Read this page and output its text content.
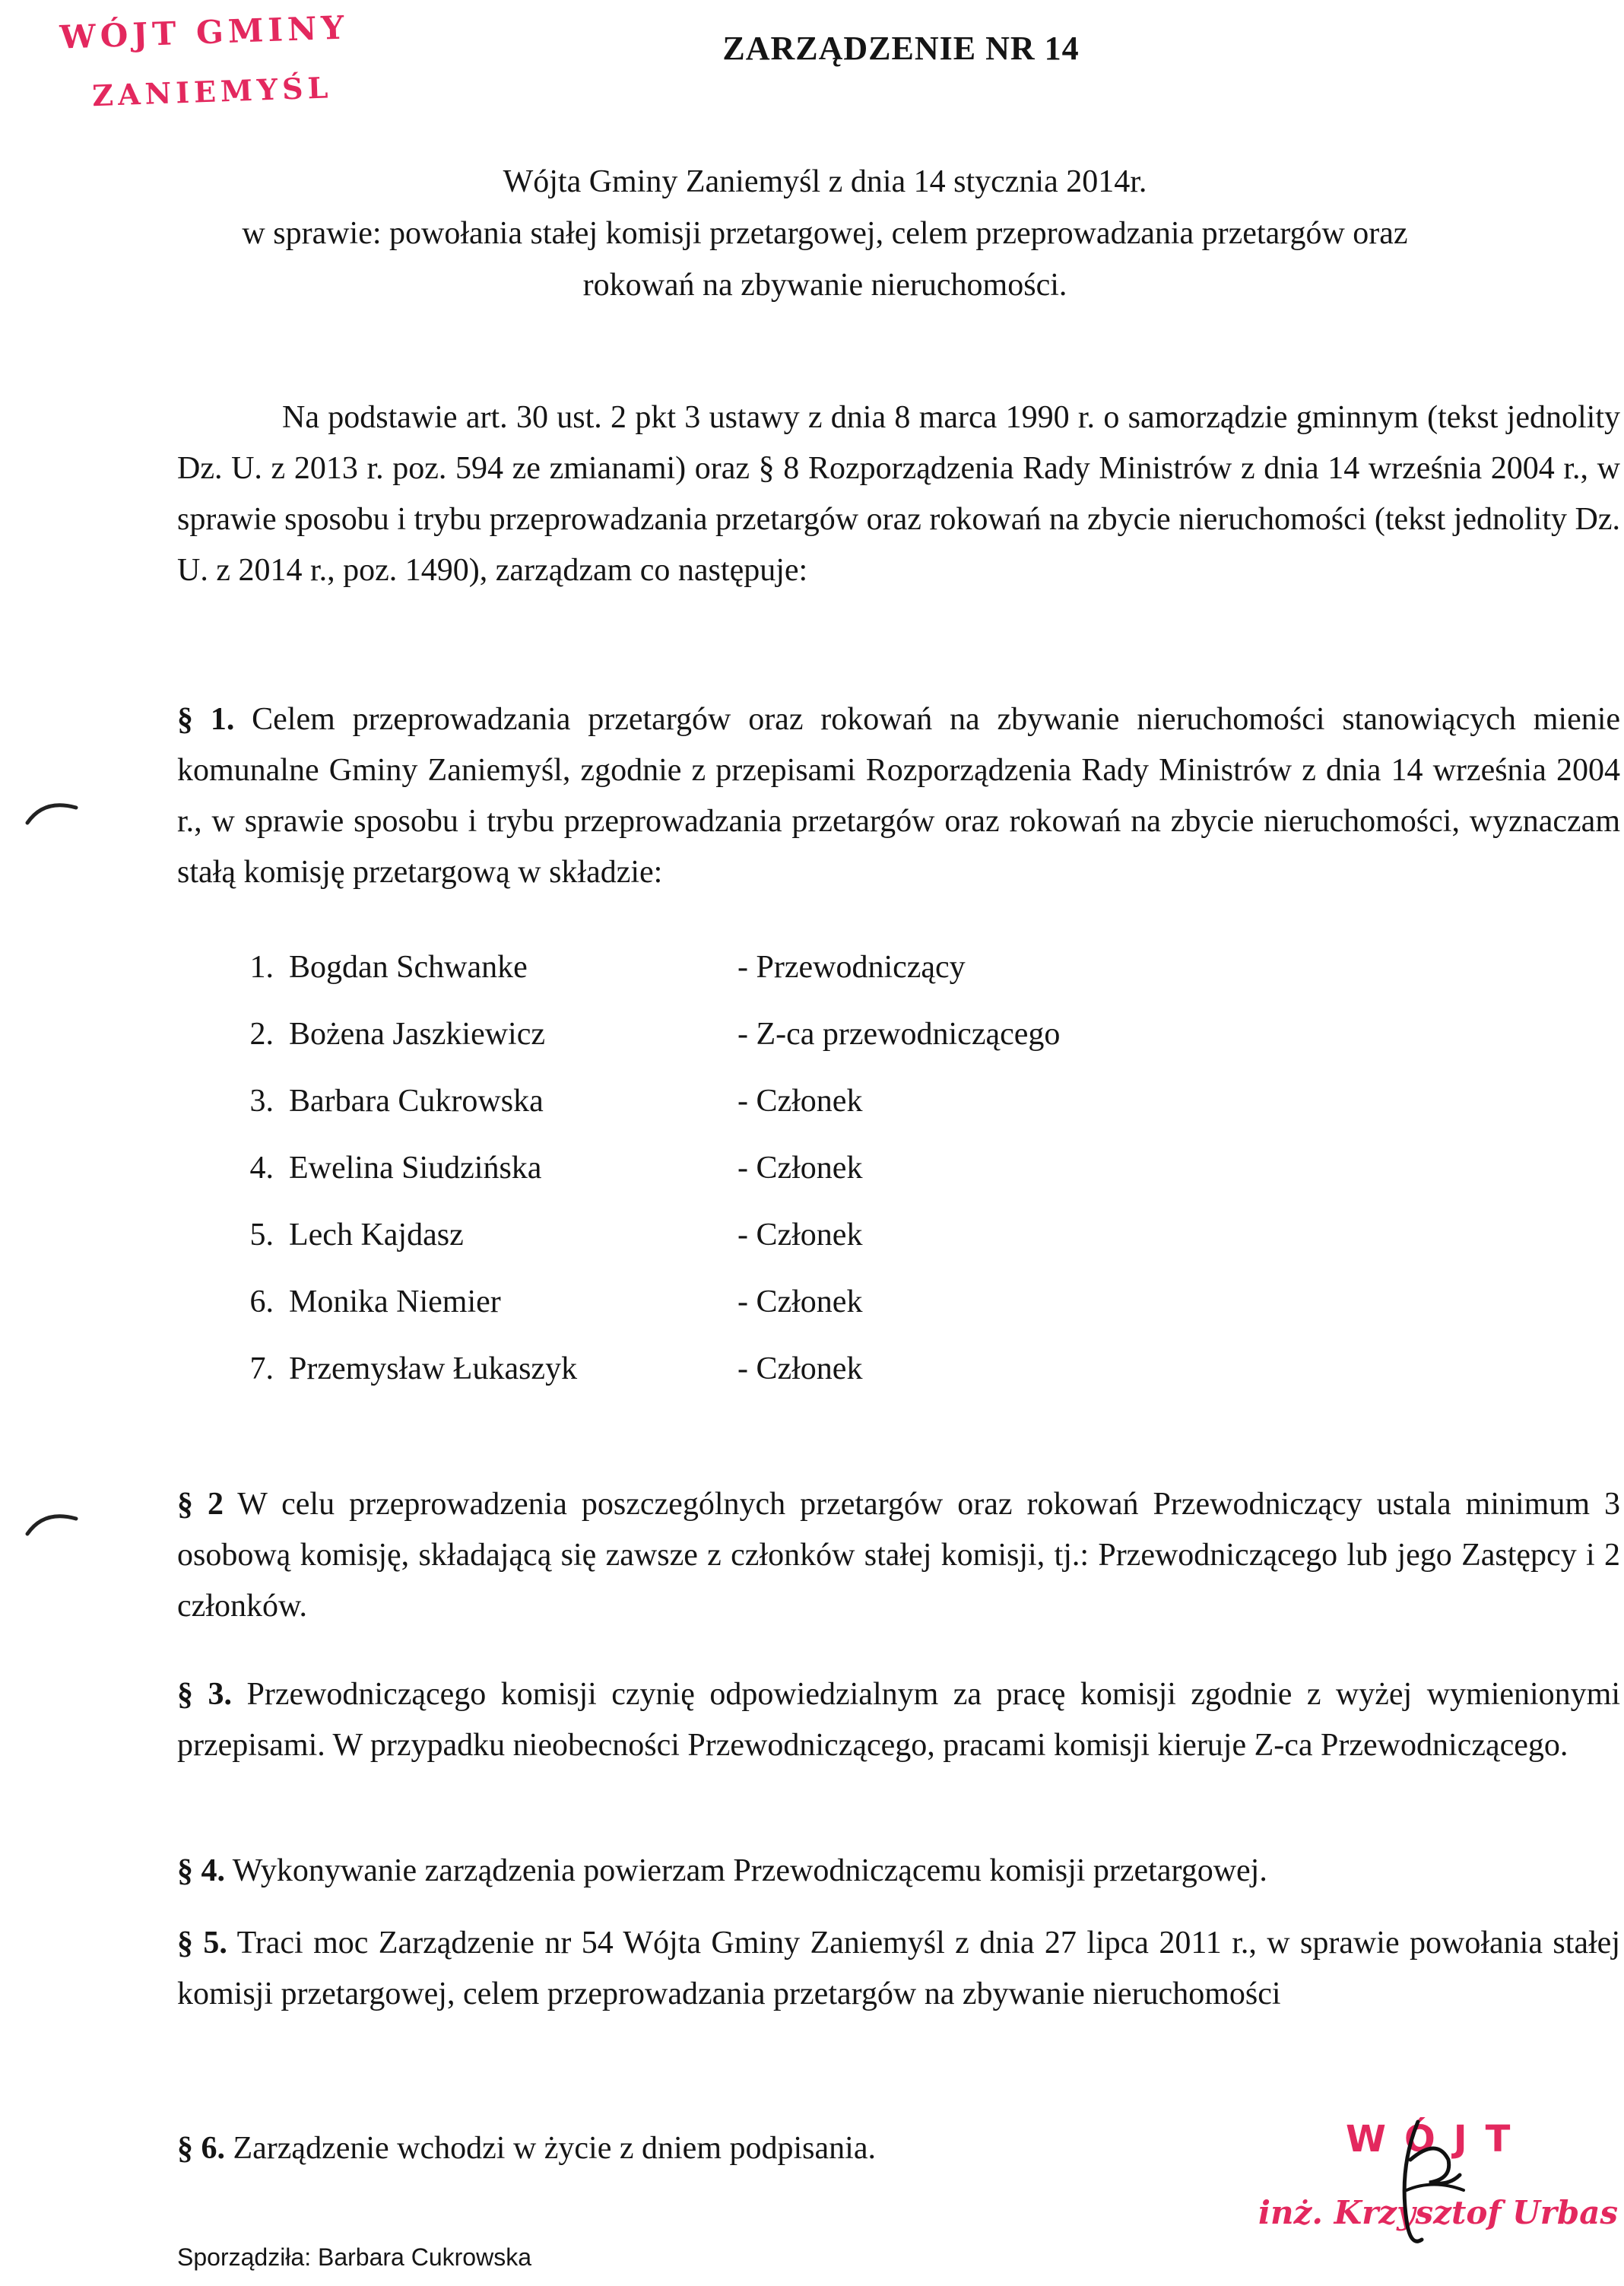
WÓJT GMINY
ZANIEMYŚL
ZARZĄDZENIE NR 14
Wójta Gminy Zaniemyśl z dnia 14 stycznia 2014r.
w sprawie: powołania stałej komisji przetargowej, celem przeprowadzania przetargów oraz
rokowań na zbywanie nieruchomości.
Na podstawie art. 30 ust. 2 pkt 3 ustawy z dnia 8 marca 1990 r. o samorządzie gminnym (tekst jednolity Dz. U. z 2013 r. poz. 594 ze zmianami) oraz § 8 Rozporządzenia Rady Ministrów z dnia 14 września 2004 r., w sprawie sposobu i trybu przeprowadzania przetargów oraz rokowań na zbycie nieruchomości (tekst jednolity Dz. U. z 2014 r., poz. 1490), zarządzam co następuje:
§ 1. Celem przeprowadzania przetargów oraz rokowań na zbywanie nieruchomości stanowiących mienie komunalne Gminy Zaniemyśl, zgodnie z przepisami Rozporządzenia Rady Ministrów z dnia 14 września 2004 r., w sprawie sposobu i trybu przeprowadzania przetargów oraz rokowań na zbycie nieruchomości, wyznaczam stałą komisję przetargową w składzie:
1. Bogdan Schwanke	- Przewodniczący
2. Bożena Jaszkiewicz	- Z-ca przewodniczącego
3. Barbara Cukrowska	- Członek
4. Ewelina Siudzińska	- Członek
5. Lech Kajdasz	- Członek
6. Monika Niemier	- Członek
7. Przemysław Łukaszyk	- Członek
§ 2 W celu przeprowadzenia poszczególnych przetargów oraz rokowań Przewodniczący ustala minimum 3 osobową komisję, składającą się zawsze z członków stałej komisji, tj.: Przewodniczącego lub jego Zastępcy i 2 członków.
§ 3. Przewodniczącego komisji czynię odpowiedzialnym za pracę komisji zgodnie z wyżej wymienionymi przepisami. W przypadku nieobecności Przewodniczącego, pracami komisji kieruje Z-ca Przewodniczącego.
§ 4. Wykonywanie zarządzenia powierzam Przewodniczącemu komisji przetargowej.
§ 5. Traci moc Zarządzenie nr 54 Wójta Gminy Zaniemyśl z dnia 27 lipca 2011 r., w sprawie powołania stałej komisji przetargowej, celem przeprowadzania przetargów na zbywanie nieruchomości
§ 6. Zarządzenie wchodzi w życie z dniem podpisania.	WÓJT
inż. Krzysztof Urbas
Sporządziła: Barbara Cukrowska
